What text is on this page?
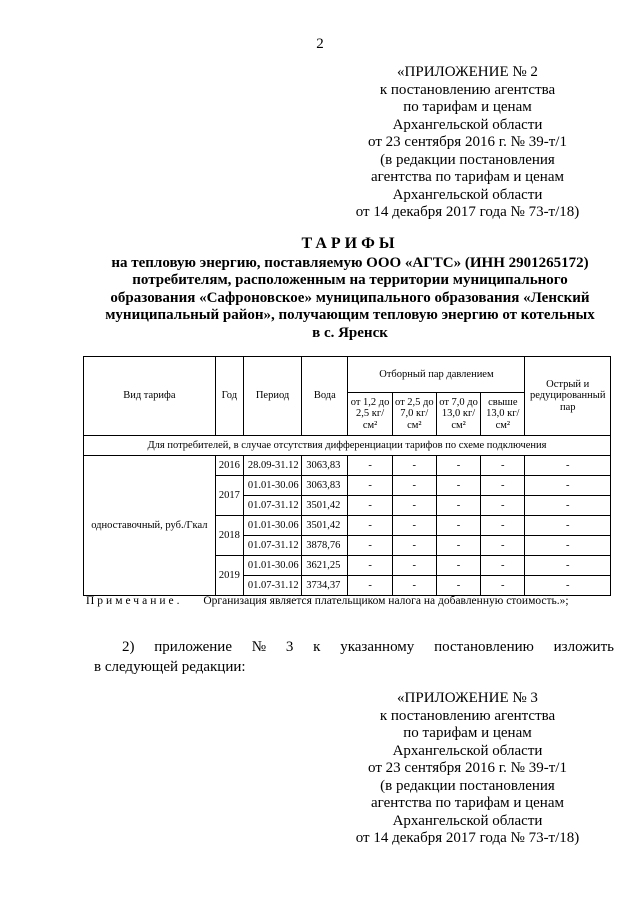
2
«ПРИЛОЖЕНИЕ № 2
к постановлению агентства
по тарифам и ценам
Архангельской области
от 23 сентября 2016 г. № 39-т/1
(в редакции постановления
агентства по тарифам и ценам
Архангельской области
от 14 декабря 2017 года № 73-т/18)
ТАРИФЫ
на тепловую энергию, поставляемую ООО «АГТС» (ИНН 2901265172)
потребителям, расположенным на территории муниципального
образования «Сафроновское» муниципального образования «Ленский
муниципальный район», получающим тепловую энергию от котельных
в с. Яренск
Вид тарифа	Год	Период	Вода	Отборный пар давлением				Острый и редуцированный пар
				от 1,2 до 2,5 кг/см²	от 2,5 до 7,0 кг/см²	от 7,0 до 13,0 кг/см²	свыше 13,0 кг/см²	
Для потребителей, в случае отсутствия дифференциации тарифов по схеме подключения								
одноставочный, руб./Гкал	2016	28.09-31.12	3063,83	-	-	-	-	-
	2017	01.01-30.06	3063,83	-	-	-	-	-
		01.07-31.12	3501,42	-	-	-	-	-
	2018	01.01-30.06	3501,42	-	-	-	-	-
		01.07-31.12	3878,76	-	-	-	-	-
	2019	01.01-30.06	3621,25	-	-	-	-	-
		01.07-31.12	3734,37	-	-	-	-	-
Примечание. Организация является плательщиком налога на добавленную стоимость.»;
2) приложение № 3 к указанному постановлению изложить
в следующей редакции:
«ПРИЛОЖЕНИЕ № 3
к постановлению агентства
по тарифам и ценам
Архангельской области
от 23 сентября 2016 г. № 39-т/1
(в редакции постановления
агентства по тарифам и ценам
Архангельской области
от 14 декабря 2017 года № 73-т/18)
